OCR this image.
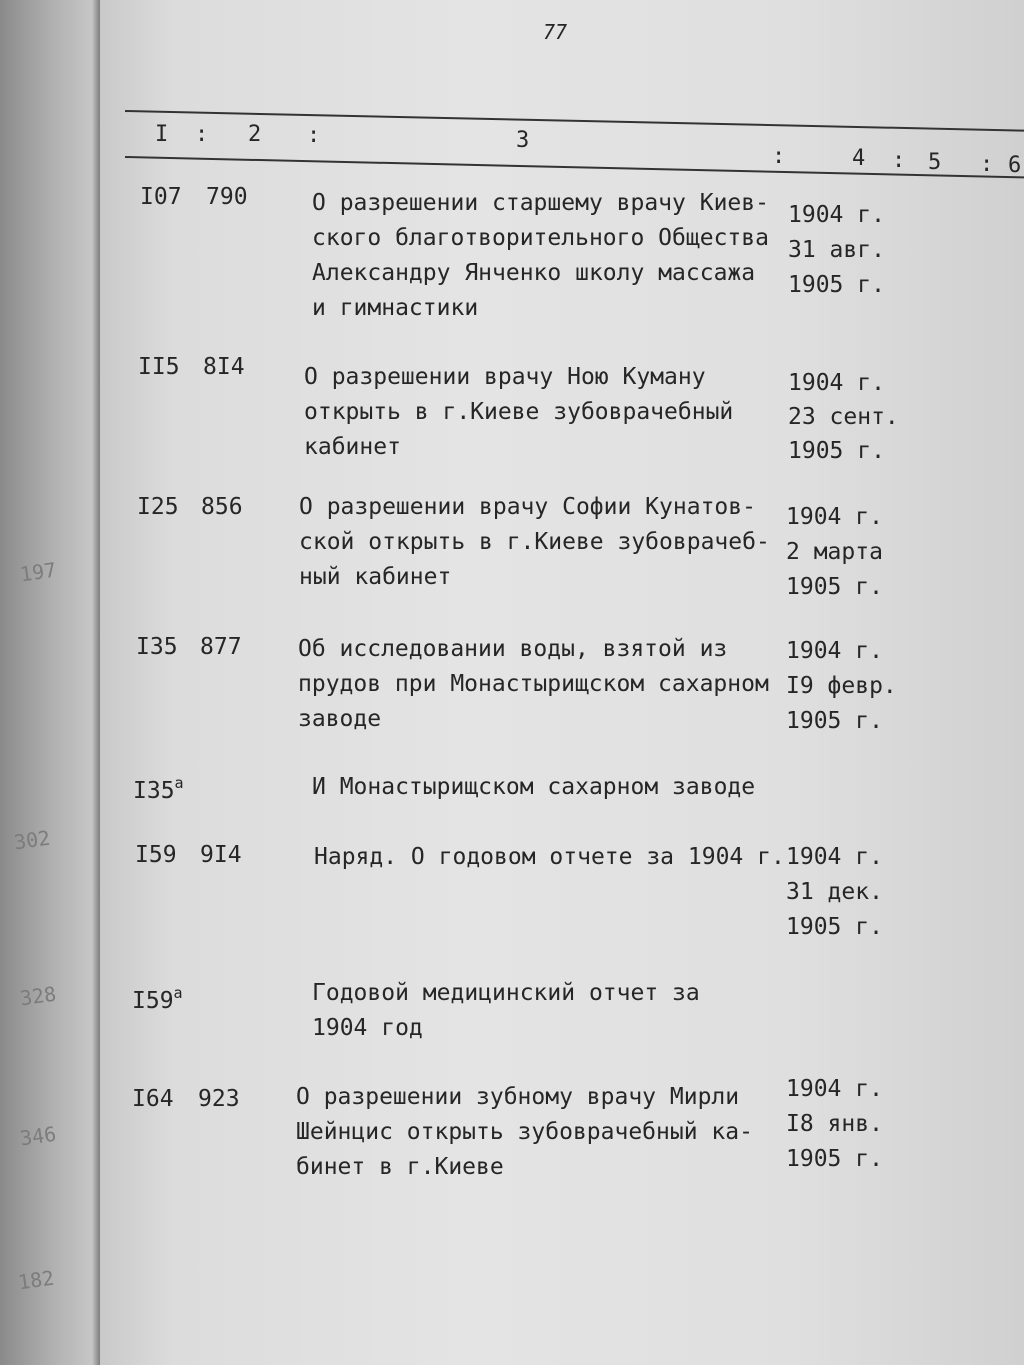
197
302
328
346
182
77
I : 2 :	3
:	4 : 5 : 6
I07 790	О разрешении старшему врачу Киев-
ского благотворительного Общества
Александру Янченко школу массажа
и гимнастики
1904 г.
31 авг.
1905 г.
II5 8I4	О разрешении врачу Ною Куману
открыть в г.Киеве зубоврачебный
кабинет
1904 г.
23 сент.
1905 г.
I25 856 О разрешении врачу Софии Кунатов-
ской открыть в г.Киеве зубоврачеб-
ный кабинет
1904 г.
2 марта
1905 г.
I35 877 Об исследовании воды, взятой из
прудов при Монастырищском сахарном
заводе
1904 г.
I9 февр.
1905 г.
$I35^а$	И Монастырищском сахарном заводе
I59 9I4	Наряд. О годовом отчете за 1904 г. 1904 г.
31 дек.
1905 г.
$I59^а$	Годовой медицинский отчет за
1904 год
I64 923 О разрешении зубному врачу Мирли
Шейнцис открыть зубоврачебный ка-
бинет в г.Киеве
1904 г.
I8 янв.
1905 г.
